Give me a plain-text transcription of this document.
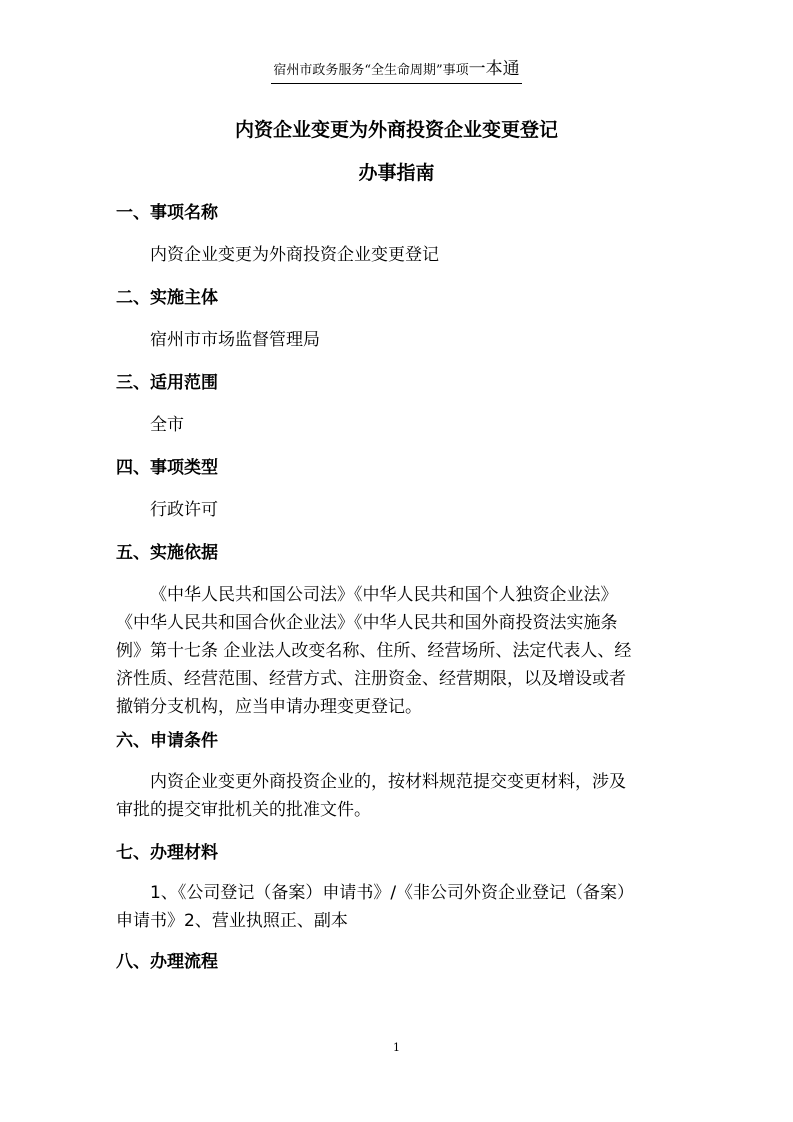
宿州市政务服务“全生命周期”事项一本通
内资企业变更为外商投资企业变更登记
办事指南
一、事项名称
内资企业变更为外商投资企业变更登记
二、实施主体
宿州市市场监督管理局
三、适用范围
全市
四、事项类型
行政许可
五、实施依据
《中华人民共和国公司法》《中华人民共和国个人独资企业法》
《中华人民共和国合伙企业法》《中华人民共和国外商投资法实施条
例》第十七条 企业法人改变名称、住所、经营场所、法定代表人、经
济性质、经营范围、经营方式、注册资金、经营期限，以及增设或者
撤销分支机构，应当申请办理变更登记。
六、申请条件
内资企业变更外商投资企业的，按材料规范提交变更材料，涉及
审批的提交审批机关的批准文件。
七、办理材料
1、《公司登记（备案）申请书》/《非公司外资企业登记（备案）
申请书》2、营业执照正、副本
八、办理流程
1
